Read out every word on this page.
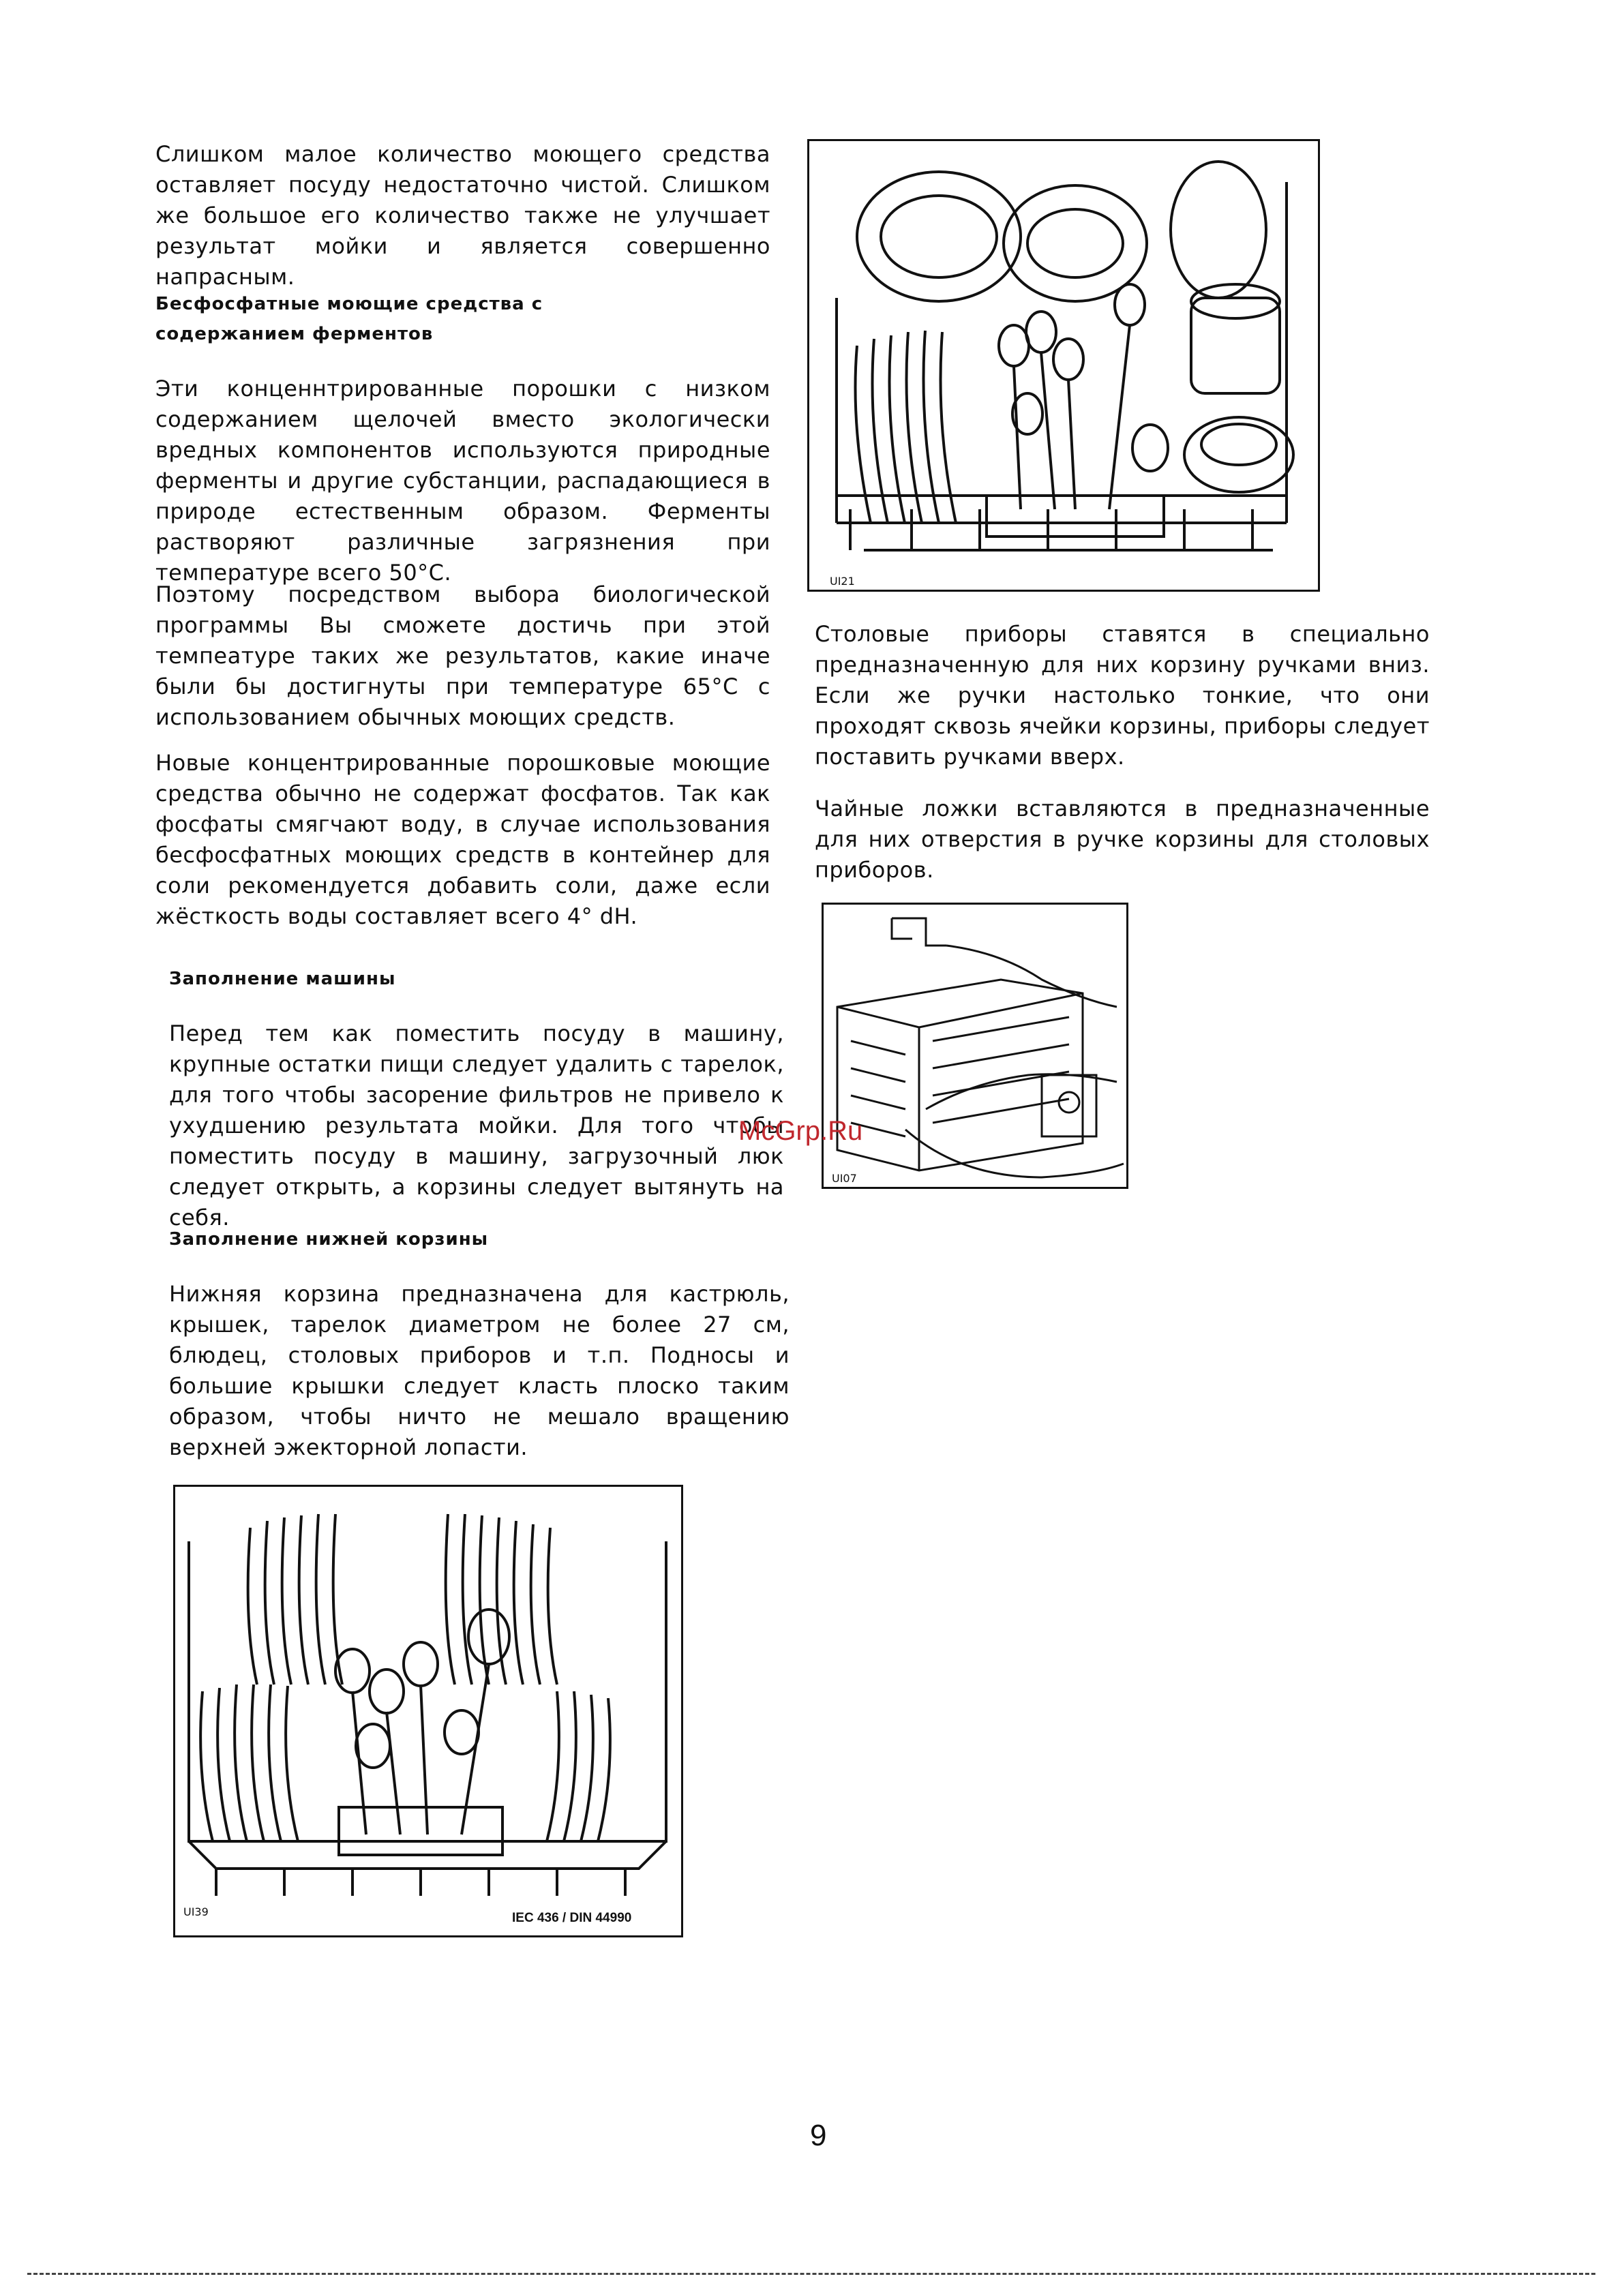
Слишком малое количество моющего средства оставляет посуду недостаточно чистой. Слишком же большое его количество также не улучшает результат мойки и является совершенно напрасным.

Бесфосфатные моющие средства с содержанием ферментов

Эти конценнтрированные порошки с низком содержанием щелочей вместо экологически вредных компонентов используются природные ферменты и другие субстанции, распадающиеся в природе естественным образом. Ферменты растворяют различные загрязнения при температуре всего 50°С.

Поэтому посредством выбора биологической программы Вы сможете достичь при этой темпеатуре таких же результатов, какие иначе были бы достигнуты при температуре 65°С с использованием обычных моющих средств.

Новые концентрированные порошковые моющие средства обычно не содержат фосфатов. Так как фосфаты смягчают воду, в случае использования бесфосфатных моющих средств в контейнер для соли рекомендуется добавить соли, даже если жёсткость воды составляет всего 4° dH.

Заполнение машины

Перед тем как поместить посуду в машину, крупные остатки пищи следует удалить с тарелок, для того чтобы засорение фильтров не привело к ухудшению результата мойки. Для того чтобы поместить посуду в машину, загрузочный люк следует открыть, а корзины следует вытянуть на себя.

Заполнение нижней корзины

Нижняя корзина предназначена для кастрюль, крышек, тарелок диаметром не более 27 см, блюдец, столовых приборов и т.п. Подносы и большие крышки следует класть плоско таким образом, чтобы ничто не мешало вращению верхней эжекторной лопасти.

Столовые приборы ставятся в специально предназначенную для них корзину ручками вниз. Если же ручки настолько тонкие, что они проходят сквозь ячейки корзины, приборы следует поставить ручками вверх.

Чайные ложки вставляются в предназначенные для них отверстия в ручке корзины для столовых приборов.

UI21
UI07
UI39	IEC 436 / DIN 44990
McGrp.Ru
9
